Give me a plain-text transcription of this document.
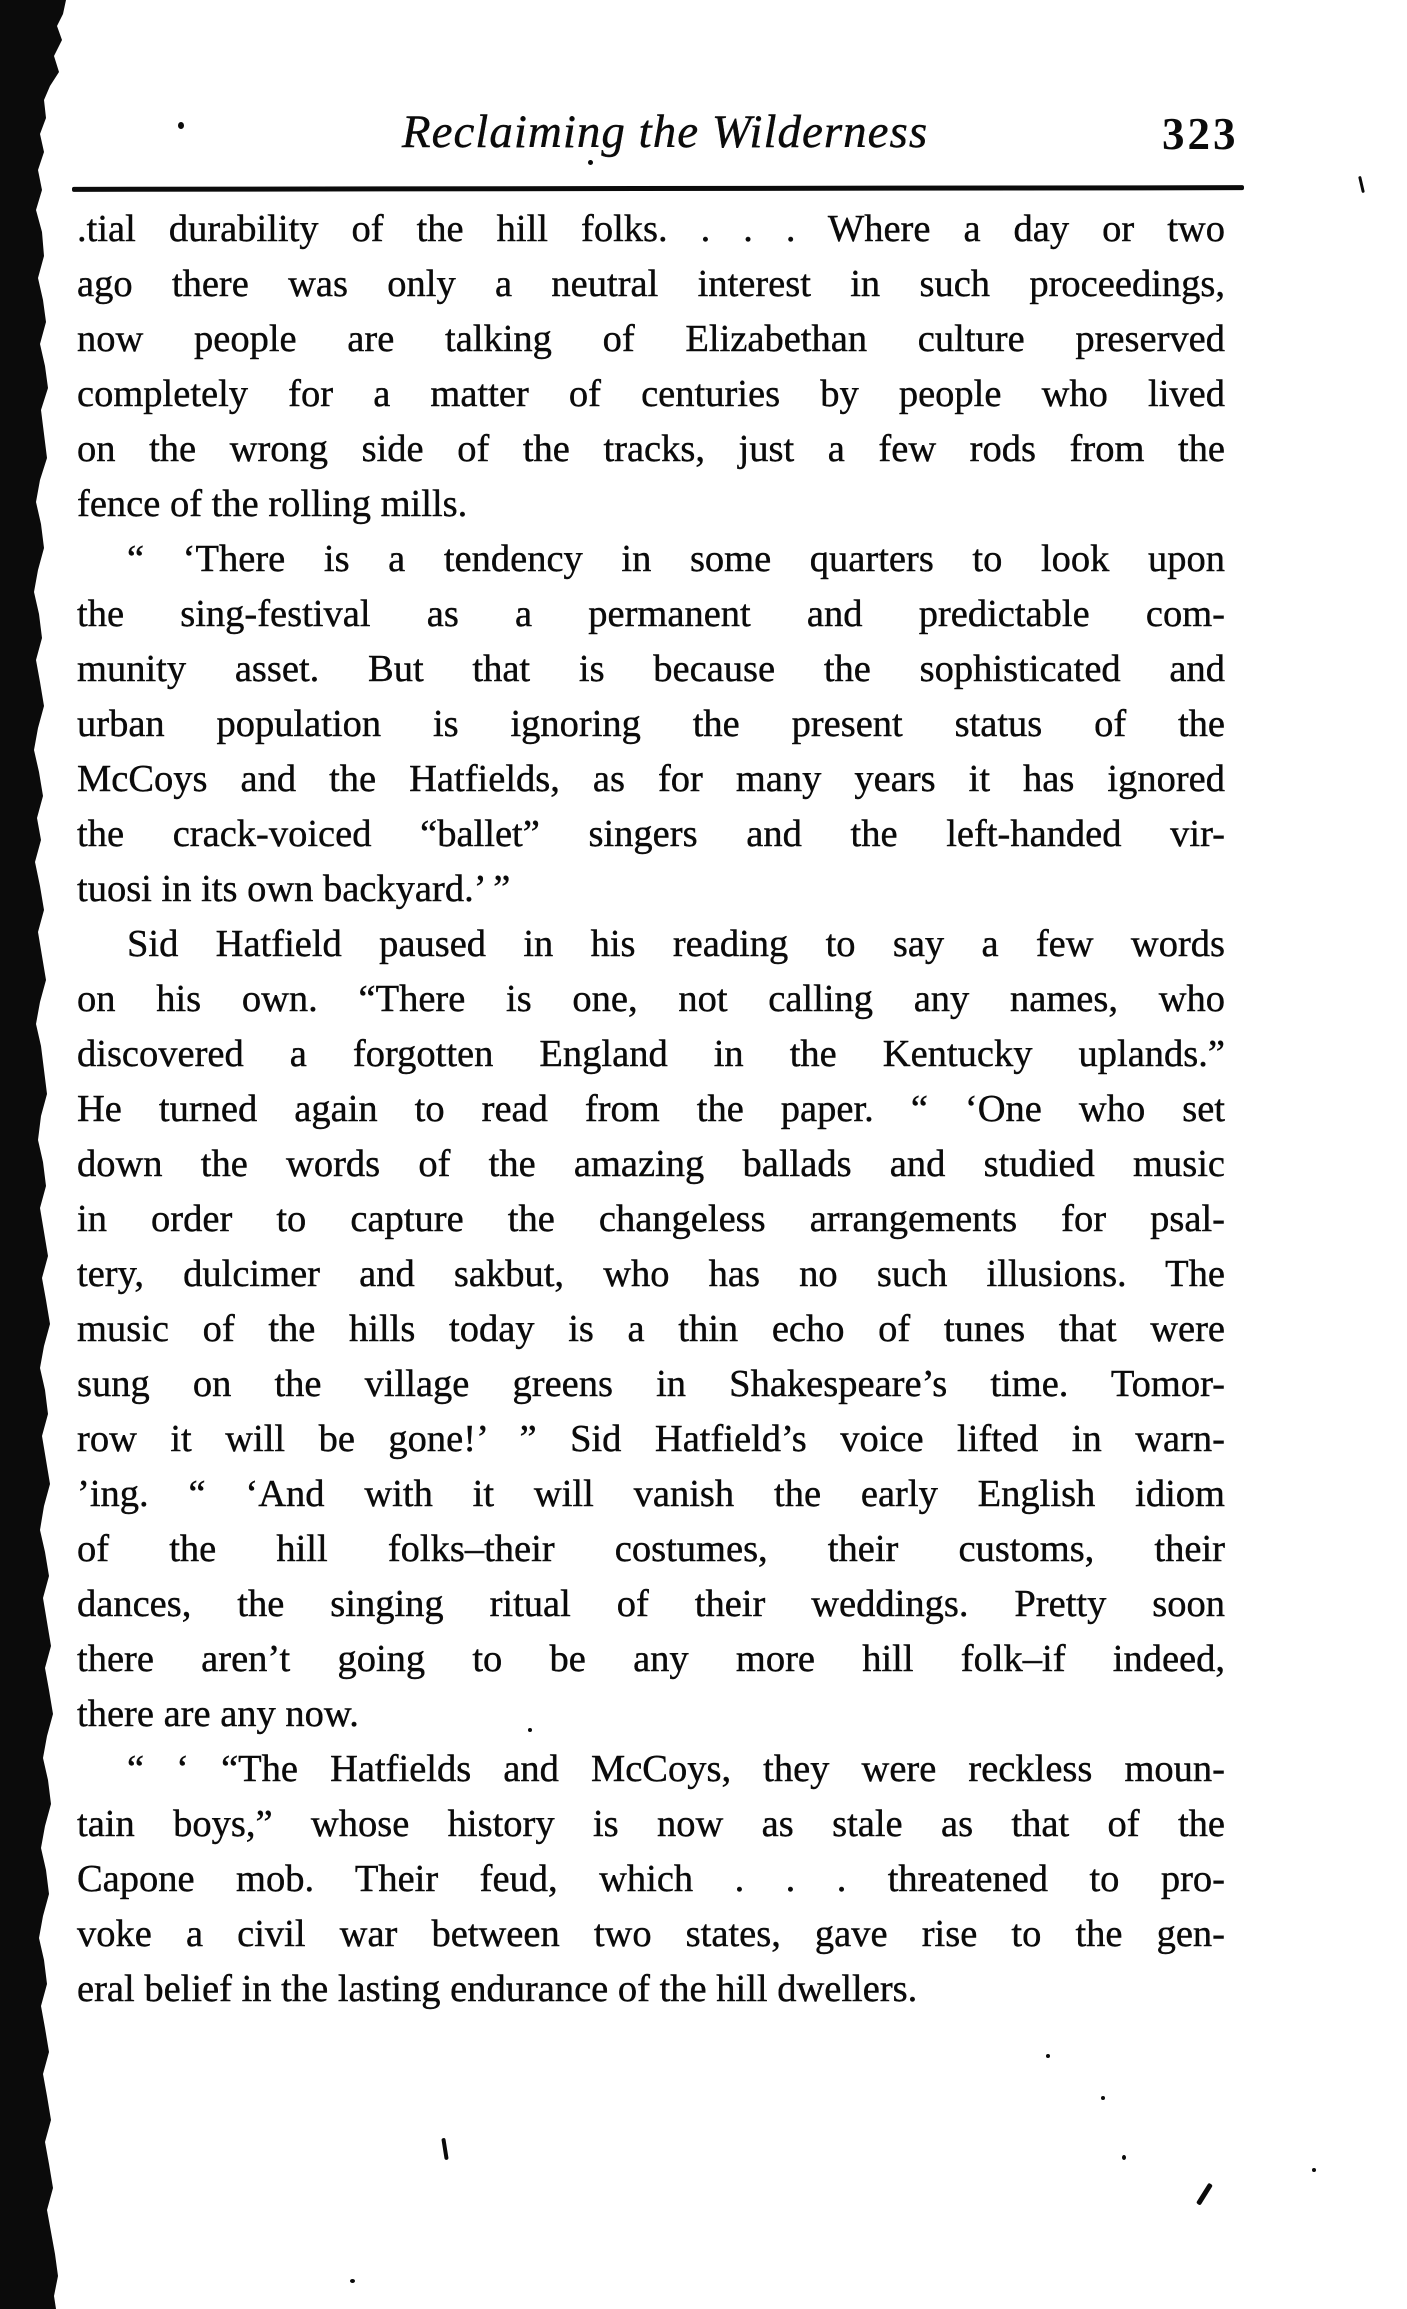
Reclaiming the Wilderness	323
.tial durability of the hill folks. . . . Where a day or two
ago there was only a neutral interest in such proceedings,
now people are talking of Elizabethan culture preserved
completely for a matter of centuries by people who lived
on the wrong side of the tracks, just a few rods from the
fence of the rolling mills.
“ ‘There is a tendency in some quarters to look upon
the sing-festival as a permanent and predictable com-
munity asset. But that is because the sophisticated and
urban population is ignoring the present status of the
McCoys and the Hatfields, as for many years it has ignored
the crack-voiced “ballet” singers and the left-handed vir-
tuosi in its own backyard.’ ”
Sid Hatfield paused in his reading to say a few words
on his own. “There is one, not calling any names, who
discovered a forgotten England in the Kentucky uplands.”
He turned again to read from the paper. “ ‘One who set
down the words of the amazing ballads and studied music
in order to capture the changeless arrangements for psal-
tery, dulcimer and sakbut, who has no such illusions. The
music of the hills today is a thin echo of tunes that were
sung on the village greens in Shakespeare’s time. Tomor-
row it will be gone!’ ” Sid Hatfield’s voice lifted in warn-
’ing. “ ‘And with it will vanish the early English idiom
of the hill folks–their costumes, their customs, their
dances, the singing ritual of their weddings. Pretty soon
there aren’t going to be any more hill folk–if indeed,
there are any now.
“ ‘ “The Hatfields and McCoys, they were reckless moun-
tain boys,” whose history is now as stale as that of the
Capone mob. Their feud, which . . . threatened to pro-
voke a civil war between two states, gave rise to the gen-
eral belief in the lasting endurance of the hill dwellers.
